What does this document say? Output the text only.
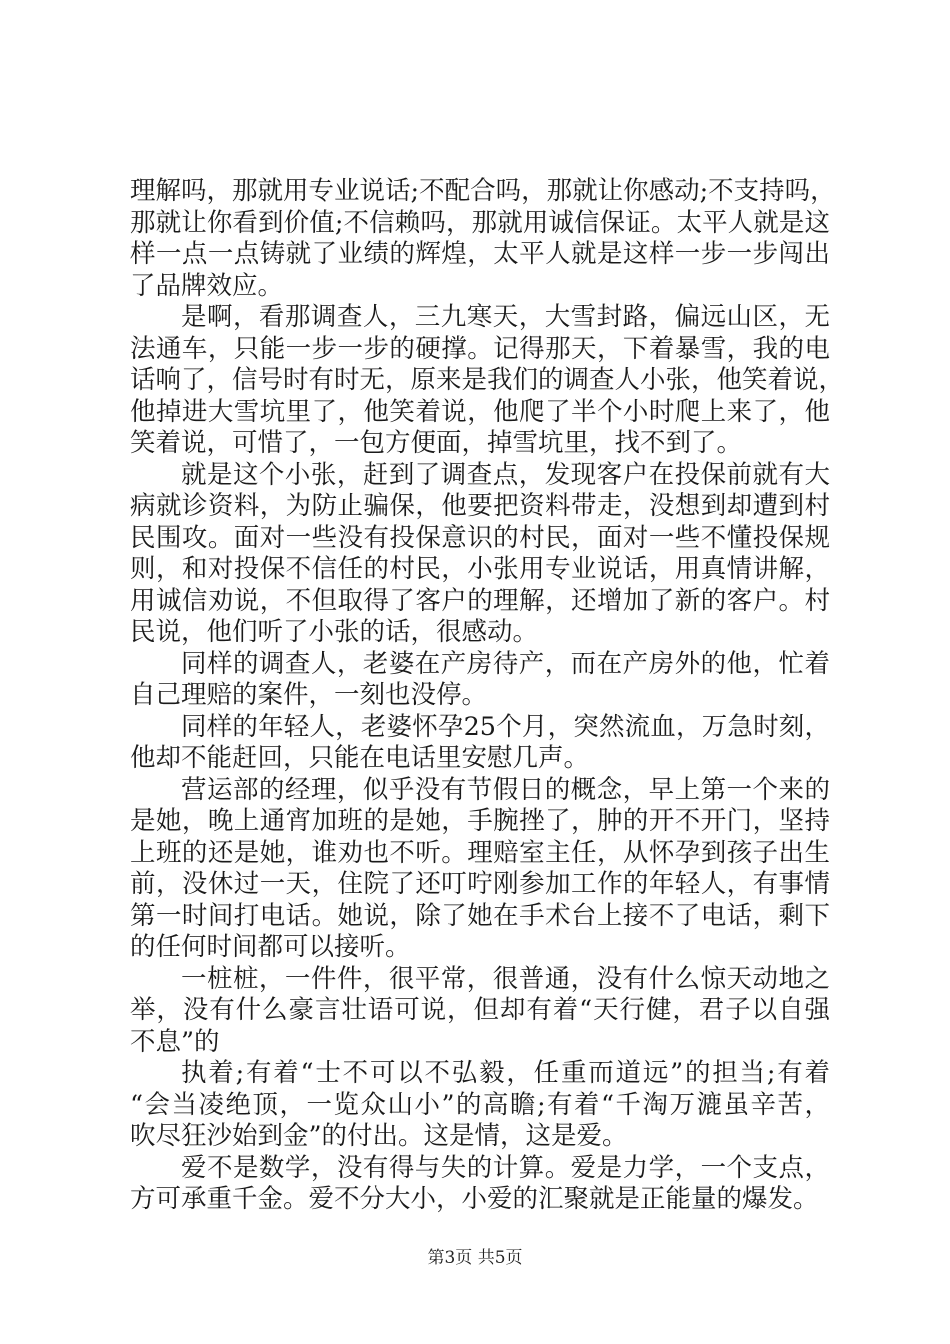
理解吗，那就用专业说话;不配合吗，那就让你感动;不支持吗，
那就让你看到价值;不信赖吗，那就用诚信保证。太平人就是这
样一点一点铸就了业绩的辉煌，太平人就是这样一步一步闯出
了品牌效应。
是啊，看那调查人，三九寒天，大雪封路，偏远山区，无
法通车，只能一步一步的硬撑。记得那天，下着暴雪，我的电
话响了，信号时有时无，原来是我们的调查人小张，他笑着说，
他掉进大雪坑里了，他笑着说，他爬了半个小时爬上来了，他
笑着说，可惜了，一包方便面，掉雪坑里，找不到了。
就是这个小张，赶到了调查点，发现客户在投保前就有大
病就诊资料，为防止骗保，他要把资料带走，没想到却遭到村
民围攻。面对一些没有投保意识的村民，面对一些不懂投保规
则，和对投保不信任的村民，小张用专业说话，用真情讲解，
用诚信劝说，不但取得了客户的理解，还增加了新的客户。村
民说，他们听了小张的话，很感动。
同样的调查人，老婆在产房待产，而在产房外的他，忙着
自己理赔的案件，一刻也没停。
同样的年轻人，老婆怀孕25个月，突然流血，万急时刻，
他却不能赶回，只能在电话里安慰几声。
营运部的经理，似乎没有节假日的概念，早上第一个来的
是她，晚上通宵加班的是她，手腕挫了，肿的开不开门，坚持
上班的还是她，谁劝也不听。理赔室主任，从怀孕到孩子出生
前，没休过一天，住院了还叮咛刚参加工作的年轻人，有事情
第一时间打电话。她说，除了她在手术台上接不了电话，剩下
的任何时间都可以接听。
一桩桩，一件件，很平常，很普通，没有什么惊天动地之
举，没有什么豪言壮语可说，但却有着“天行健，君子以自强
不息”的
执着;有着“士不可以不弘毅，任重而道远”的担当;有着
“会当凌绝顶，一览众山小”的高瞻;有着“千淘万漉虽辛苦，
吹尽狂沙始到金”的付出。这是情，这是爱。
爱不是数学，没有得与失的计算。爱是力学，一个支点，
方可承重千金。爱不分大小，小爱的汇聚就是正能量的爆发。
第3页 共5页
